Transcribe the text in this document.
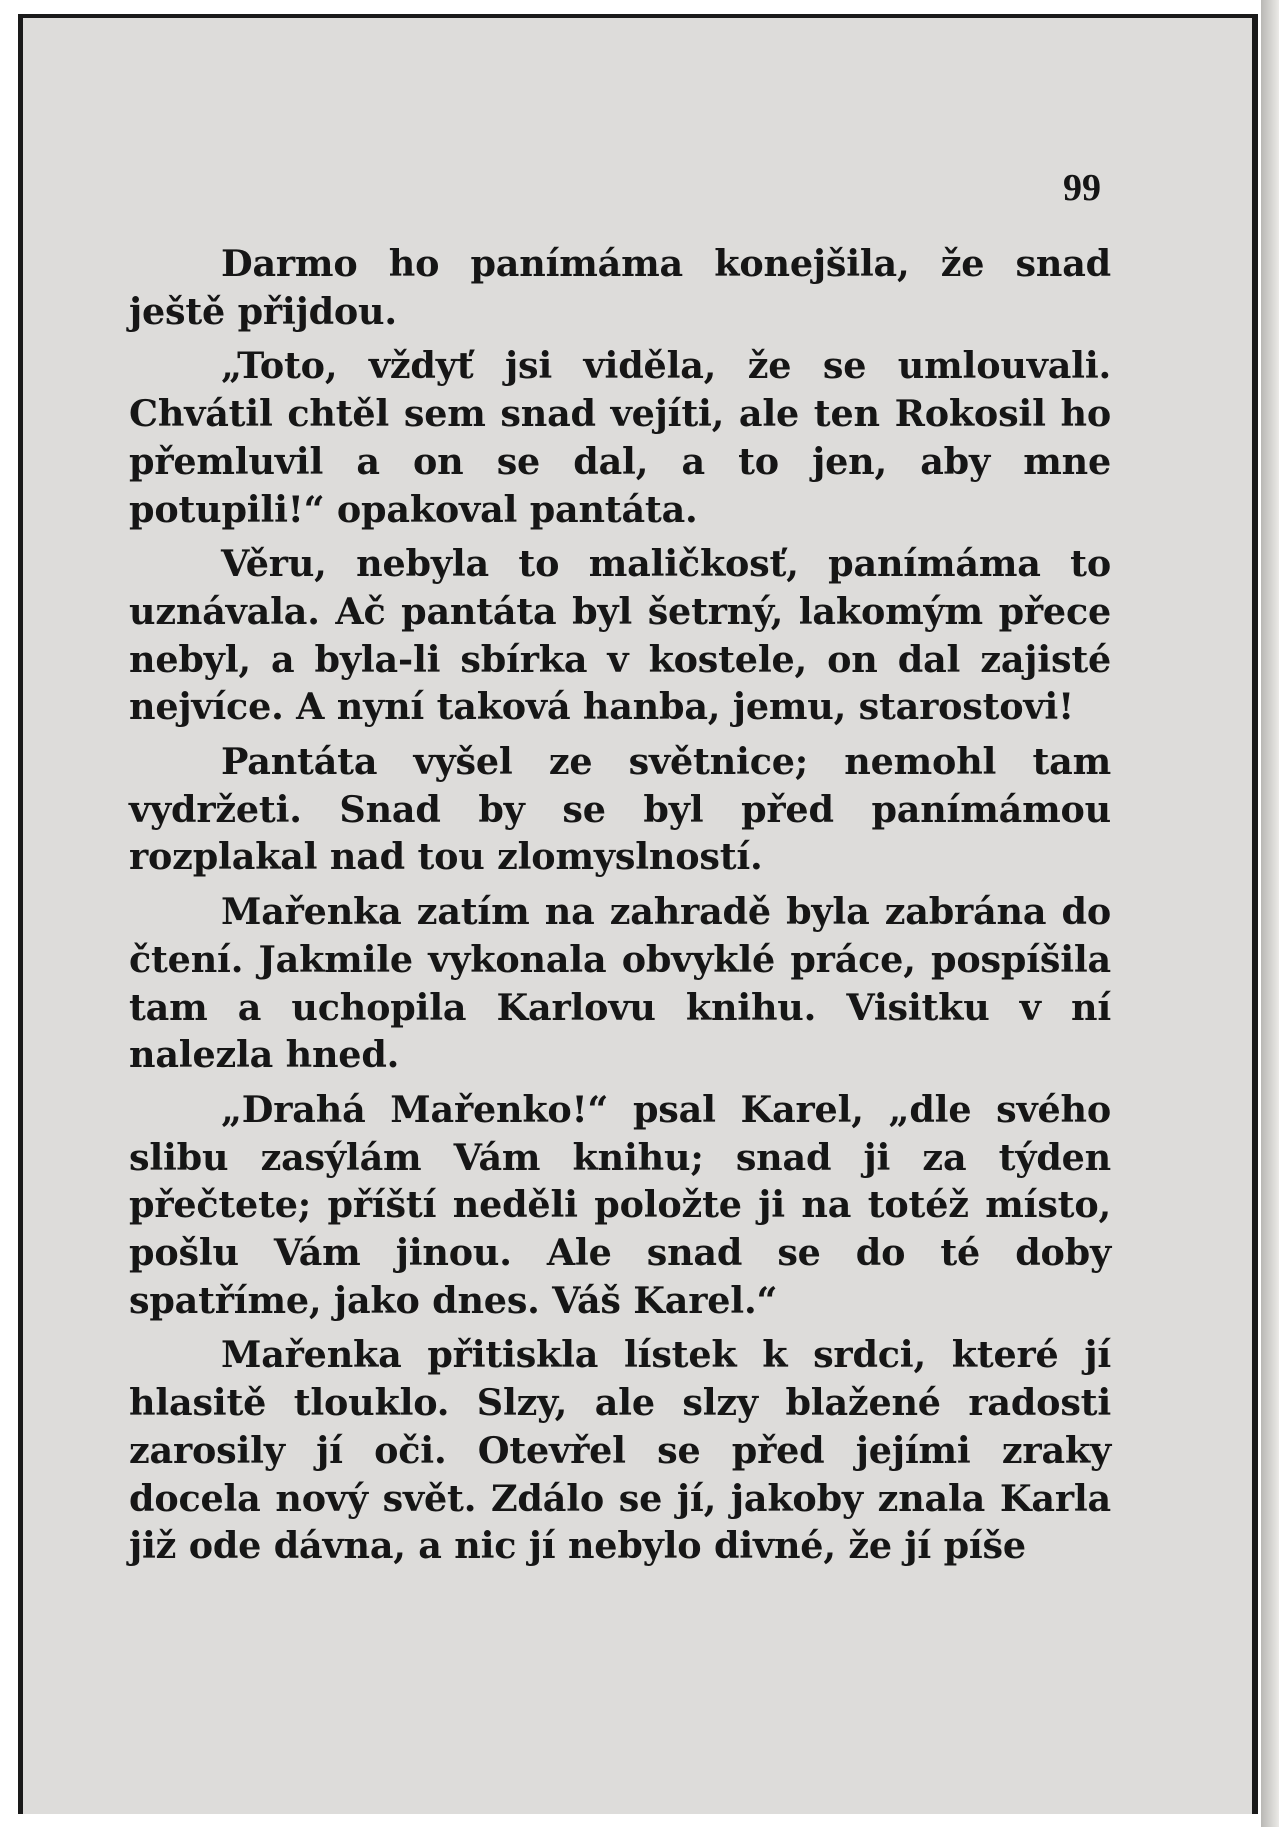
99

Darmo ho panímáma konejšila, že snad ještě přijdou.

„Toto, vždyť jsi viděla, že se umlouvali. Chvátil chtěl sem snad vejíti, ale ten Rokosil ho přemluvil a on se dal, a to jen, aby mne potupili!“ opakoval pantáta.

Věru, nebyla to maličkosť, panímáma to uznávala. Ač pantáta byl šetrný, lakomým přece nebyl, a byla-li sbírka v kostele, on dal zajisté nejvíce. A nyní taková hanba, jemu, starostovi!

Pantáta vyšel ze světnice; nemohl tam vydržeti. Snad by se byl před panímámou rozplakal nad tou zlomyslností.

Mařenka zatím na zahradě byla zabrána do čtení. Jakmile vykonala obvyklé práce, pospíšila tam a uchopila Karlovu knihu. Visitku v ní nalezla hned.

„Drahá Mařenko!“ psal Karel, „dle svého slibu zasýlám Vám knihu; snad ji za týden přečtete; příští neděli položte ji na totéž místo, pošlu Vám jinou. Ale snad se do té doby spatříme, jako dnes. Váš Karel.“

Mařenka přitiskla lístek k srdci, které jí hlasitě tlouklo. Slzy, ale slzy blažené radosti zarosily jí oči. Otevřel se před jejími zraky docela nový svět. Zdálo se jí, jakoby znala Karla již ode dávna, a nic jí nebylo divné, že jí píše
